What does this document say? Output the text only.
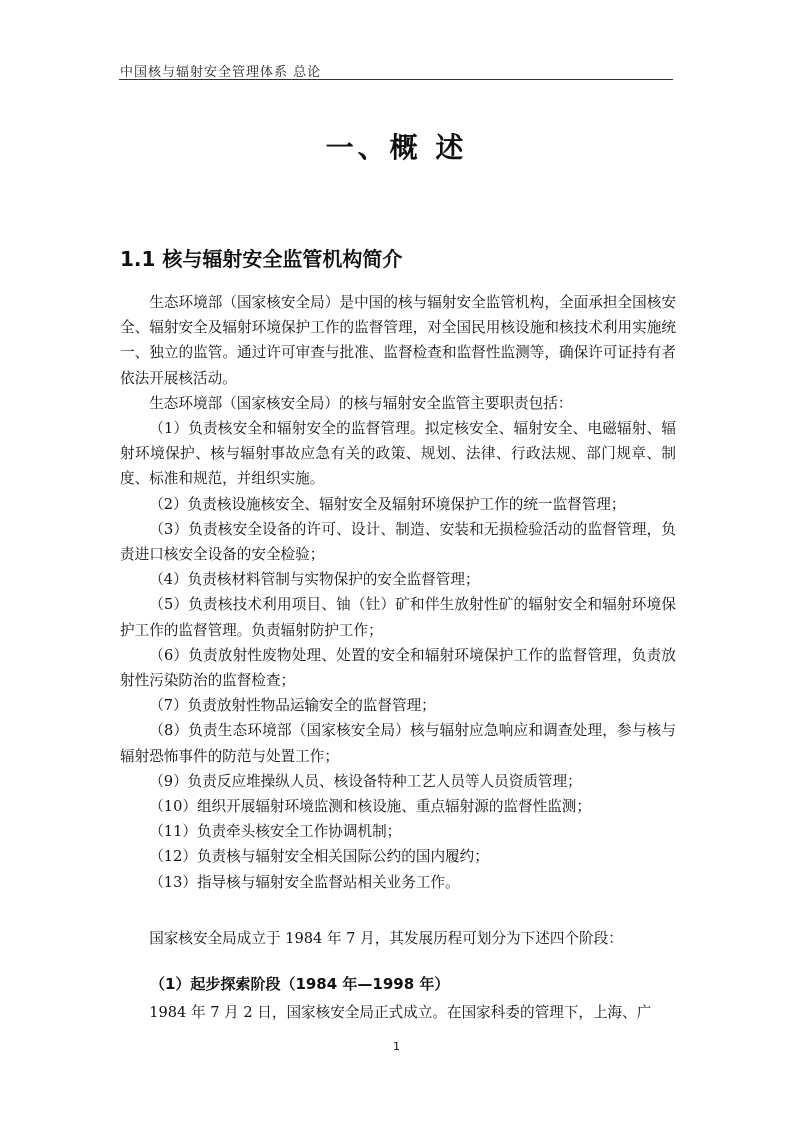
中国核与辐射安全管理体系 总论
一、概 述
1.1 核与辐射安全监管机构简介

生态环境部（国家核安全局）是中国的核与辐射安全监管机构，全面承担全国核安全、辐射安全及辐射环境保护工作的监督管理，对全国民用核设施和核技术利用实施统一、独立的监管。通过许可审查与批准、监督检查和监督性监测等，确保许可证持有者依法开展核活动。

生态环境部（国家核安全局）的核与辐射安全监管主要职责包括：

（1）负责核安全和辐射安全的监督管理。拟定核安全、辐射安全、电磁辐射、辐射环境保护、核与辐射事故应急有关的政策、规划、法律、行政法规、部门规章、制度、标准和规范，并组织实施。

（2）负责核设施核安全、辐射安全及辐射环境保护工作的统一监督管理；

（3）负责核安全设备的许可、设计、制造、安装和无损检验活动的监督管理，负责进口核安全设备的安全检验；

（4）负责核材料管制与实物保护的安全监督管理；

（5）负责核技术利用项目、铀（钍）矿和伴生放射性矿的辐射安全和辐射环境保护工作的监督管理。负责辐射防护工作；

（6）负责放射性废物处理、处置的安全和辐射环境保护工作的监督管理，负责放射性污染防治的监督检查；

（7）负责放射性物品运输安全的监督管理；

（8）负责生态环境部（国家核安全局）核与辐射应急响应和调查处理，参与核与辐射恐怖事件的防范与处置工作；

（9）负责反应堆操纵人员、核设备特种工艺人员等人员资质管理；

（10）组织开展辐射环境监测和核设施、重点辐射源的监督性监测；

（11）负责牵头核安全工作协调机制；

（12）负责核与辐射安全相关国际公约的国内履约；

（13）指导核与辐射安全监督站相关业务工作。

国家核安全局成立于 1984 年 7 月，其发展历程可划分为下述四个阶段：

（1）起步探索阶段（1984 年—1998 年）

1984 年 7 月 2 日，国家核安全局正式成立。在国家科委的管理下，上海、广

1
